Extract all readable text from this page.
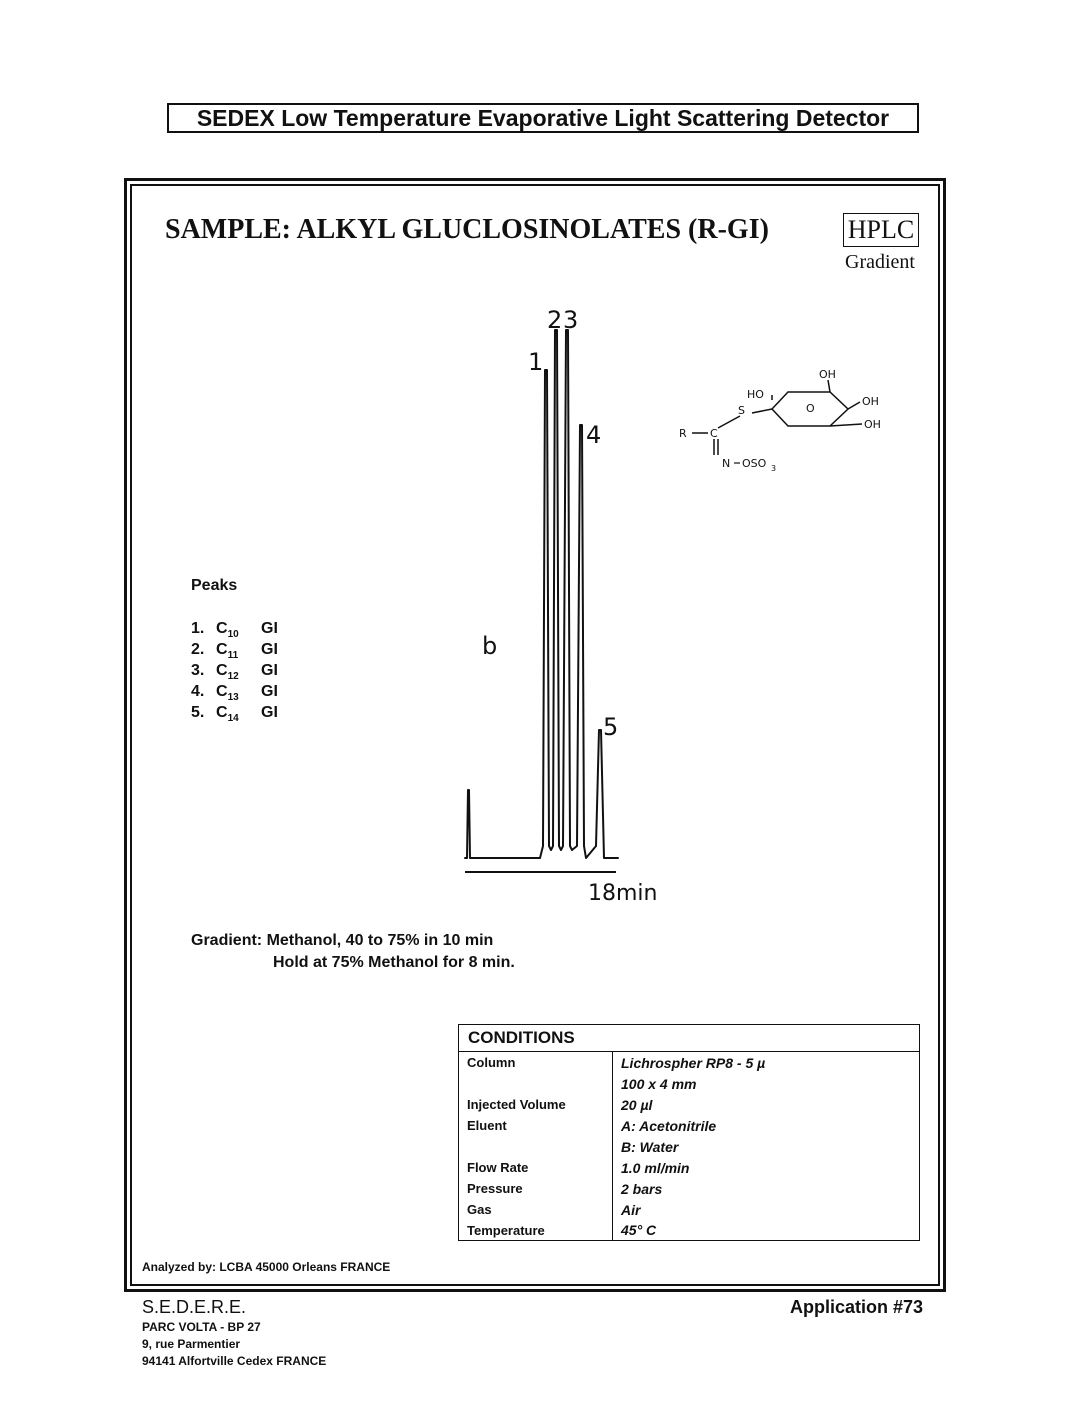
SEDEX Low Temperature Evaporative Light Scattering Detector
SAMPLE: ALKYL GLUCLOSINOLATES (R-GI)	HPLC
Gradient
b
18min
1
2 3
4
5
OH
HO
OH
OH
S	O
R C
N OSO 3
Peaks
1. $C_{10}$ GI
2. $C_{11}$ GI
3. $C_{12}$ GI
4. $C_{13}$ GI
5. $C_{14}$ GI
Gradient: Methanol, 40 to 75% in 10 min
Hold at 75% Methanol for 8 min.
CONDITIONS
Column	Lichrospher RP8 - 5 µ
100 x 4 mm
Injected Volume	20 µl
Eluent	A: Acetonitrile
B: Water
Flow Rate	1.0 ml/min
Pressure	2 bars
Gas	Air
Temperature	45° C
Analyzed by: LCBA 45000 Orleans FRANCE
S.E.D.E.R.E.
PARC VOLTA - BP 27
9, rue Parmentier
94141 Alfortville Cedex FRANCE
Application #73
